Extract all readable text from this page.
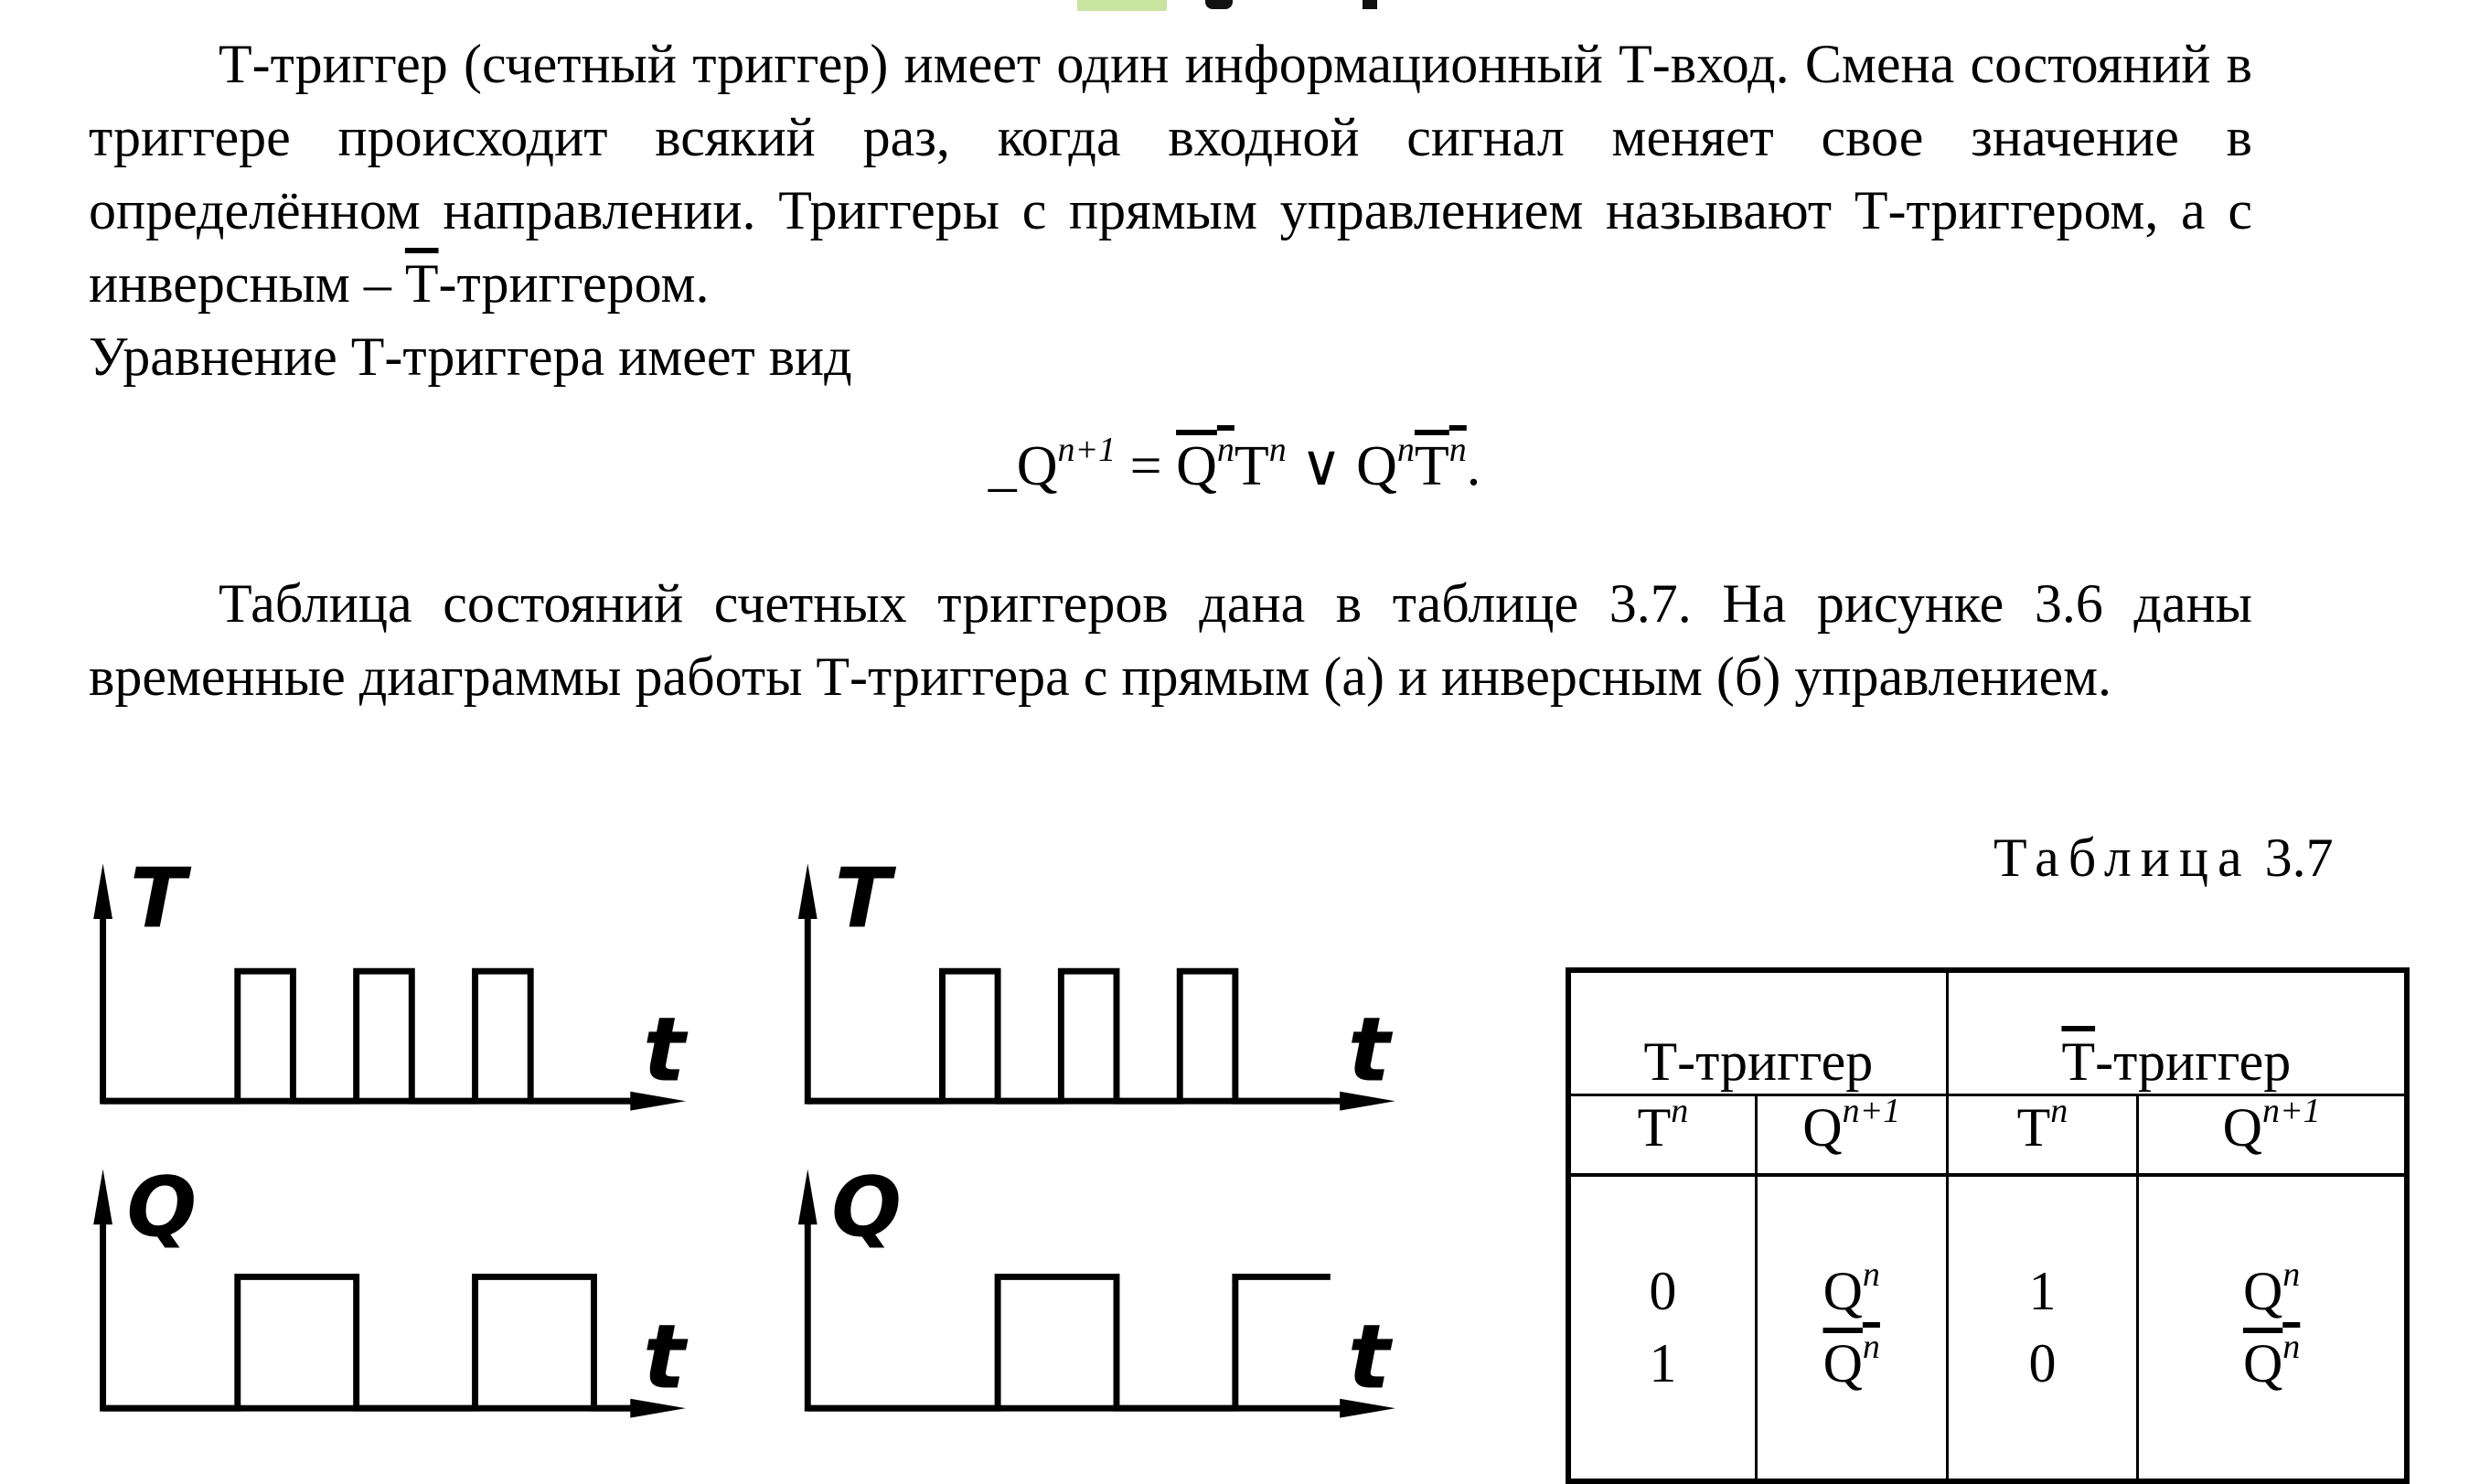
Т-триггер (счетный триггер) имеет один информационный Т-вход. Смена состояний в триггере происходит всякий раз, когда входной сигнал меняет свое значение в определённом направлении. Триггеры с прямым управлением называют Т-триггером, а с инверсным – Т-триггером.

Уравнение Т-триггера имеет вид

$\_Q^{n+1} = Q^nT^n$ ∨ $Q^nT^n$.

Таблица состояний счетных триггеров дана в таблице 3.7. На рисунке 3.6 даны временные диаграммы работы Т-триггера с прямым (а) и инверсным (б) управлением.

Таблица 3.7
Т-триггер		Т-триггер	
$T^n$	$Q^{n+1}$	$T^n$	$Q^{n+1}$
0	$Q^n$	1	$Q^n$
1	$Q^n$	0	$Q^n$
T	T
Q	Q
t	t
t	t
